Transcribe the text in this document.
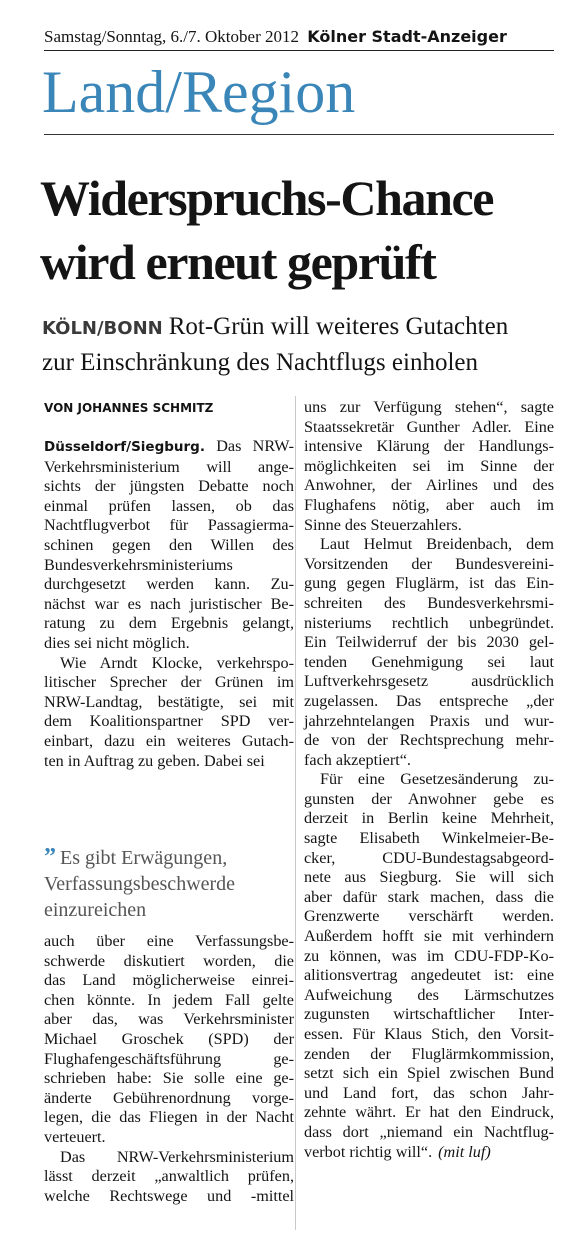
Samstag/Sonntag, 6./7. Oktober 2012 Kölner Stadt-Anzeiger
Land/Region
Widerspruchs-Chance
wird erneut geprüft
KÖLN/BONN Rot-Grün will weiteres Gutachten
zur Einschränkung des Nachtflugs einholen
VON JOHANNES SCHMITZ
Düsseldorf/Siegburg. Das NRW-
Verkehrsministerium will ange-
sichts der jüngsten Debatte noch
einmal prüfen lassen, ob das
Nachtflugverbot für Passagierma-
schinen gegen den Willen des
Bundesverkehrsministeriums
durchgesetzt werden kann. Zu-
nächst war es nach juristischer Be-
ratung zu dem Ergebnis gelangt,
dies sei nicht möglich.
Wie Arndt Klocke, verkehrspo-
litischer Sprecher der Grünen im
NRW-Landtag, bestätigte, sei mit
dem Koalitionspartner SPD ver-
einbart, dazu ein weiteres Gutach-
ten in Auftrag zu geben. Dabei sei
” Es gibt Erwägungen,
Verfassungsbeschwerde
einzureichen
auch über eine Verfassungsbe-
schwerde diskutiert worden, die
das Land möglicherweise einrei-
chen könnte. In jedem Fall gelte
aber das, was Verkehrsminister
Michael Groschek (SPD) der
Flughafengeschäftsführung ge-
schrieben habe: Sie solle eine ge-
änderte Gebührenordnung vorge-
legen, die das Fliegen in der Nacht
verteuert.
Das NRW-Verkehrsministerium
lässt derzeit „anwaltlich prüfen,
welche Rechtswege und -mittel
uns zur Verfügung stehen“, sagte
Staatssekretär Gunther Adler. Eine
intensive Klärung der Handlungs-
möglichkeiten sei im Sinne der
Anwohner, der Airlines und des
Flughafens nötig, aber auch im
Sinne des Steuerzahlers.
Laut Helmut Breidenbach, dem
Vorsitzenden der Bundesvereini-
gung gegen Fluglärm, ist das Ein-
schreiten des Bundesverkehrsmi-
nisteriums rechtlich unbegründet.
Ein Teilwiderruf der bis 2030 gel-
tenden Genehmigung sei laut
Luftverkehrsgesetz ausdrücklich
zugelassen. Das entspreche „der
jahrzehntelangen Praxis und wur-
de von der Rechtsprechung mehr-
fach akzeptiert“.
Für eine Gesetzesänderung zu-
gunsten der Anwohner gebe es
derzeit in Berlin keine Mehrheit,
sagte Elisabeth Winkelmeier-Be-
cker, CDU-Bundestagsabgeord-
nete aus Siegburg. Sie will sich
aber dafür stark machen, dass die
Grenzwerte verschärft werden.
Außerdem hofft sie mit verhindern
zu können, was im CDU-FDP-Ko-
alitionsvertrag angedeutet ist: eine
Aufweichung des Lärmschutzes
zugunsten wirtschaftlicher Inter-
essen. Für Klaus Stich, den Vorsit-
zenden der Fluglärmkommission,
setzt sich ein Spiel zwischen Bund
und Land fort, das schon Jahr-
zehnte währt. Er hat den Eindruck,
dass dort „niemand ein Nachtflug-
verbot richtig will“. (mit luf)
